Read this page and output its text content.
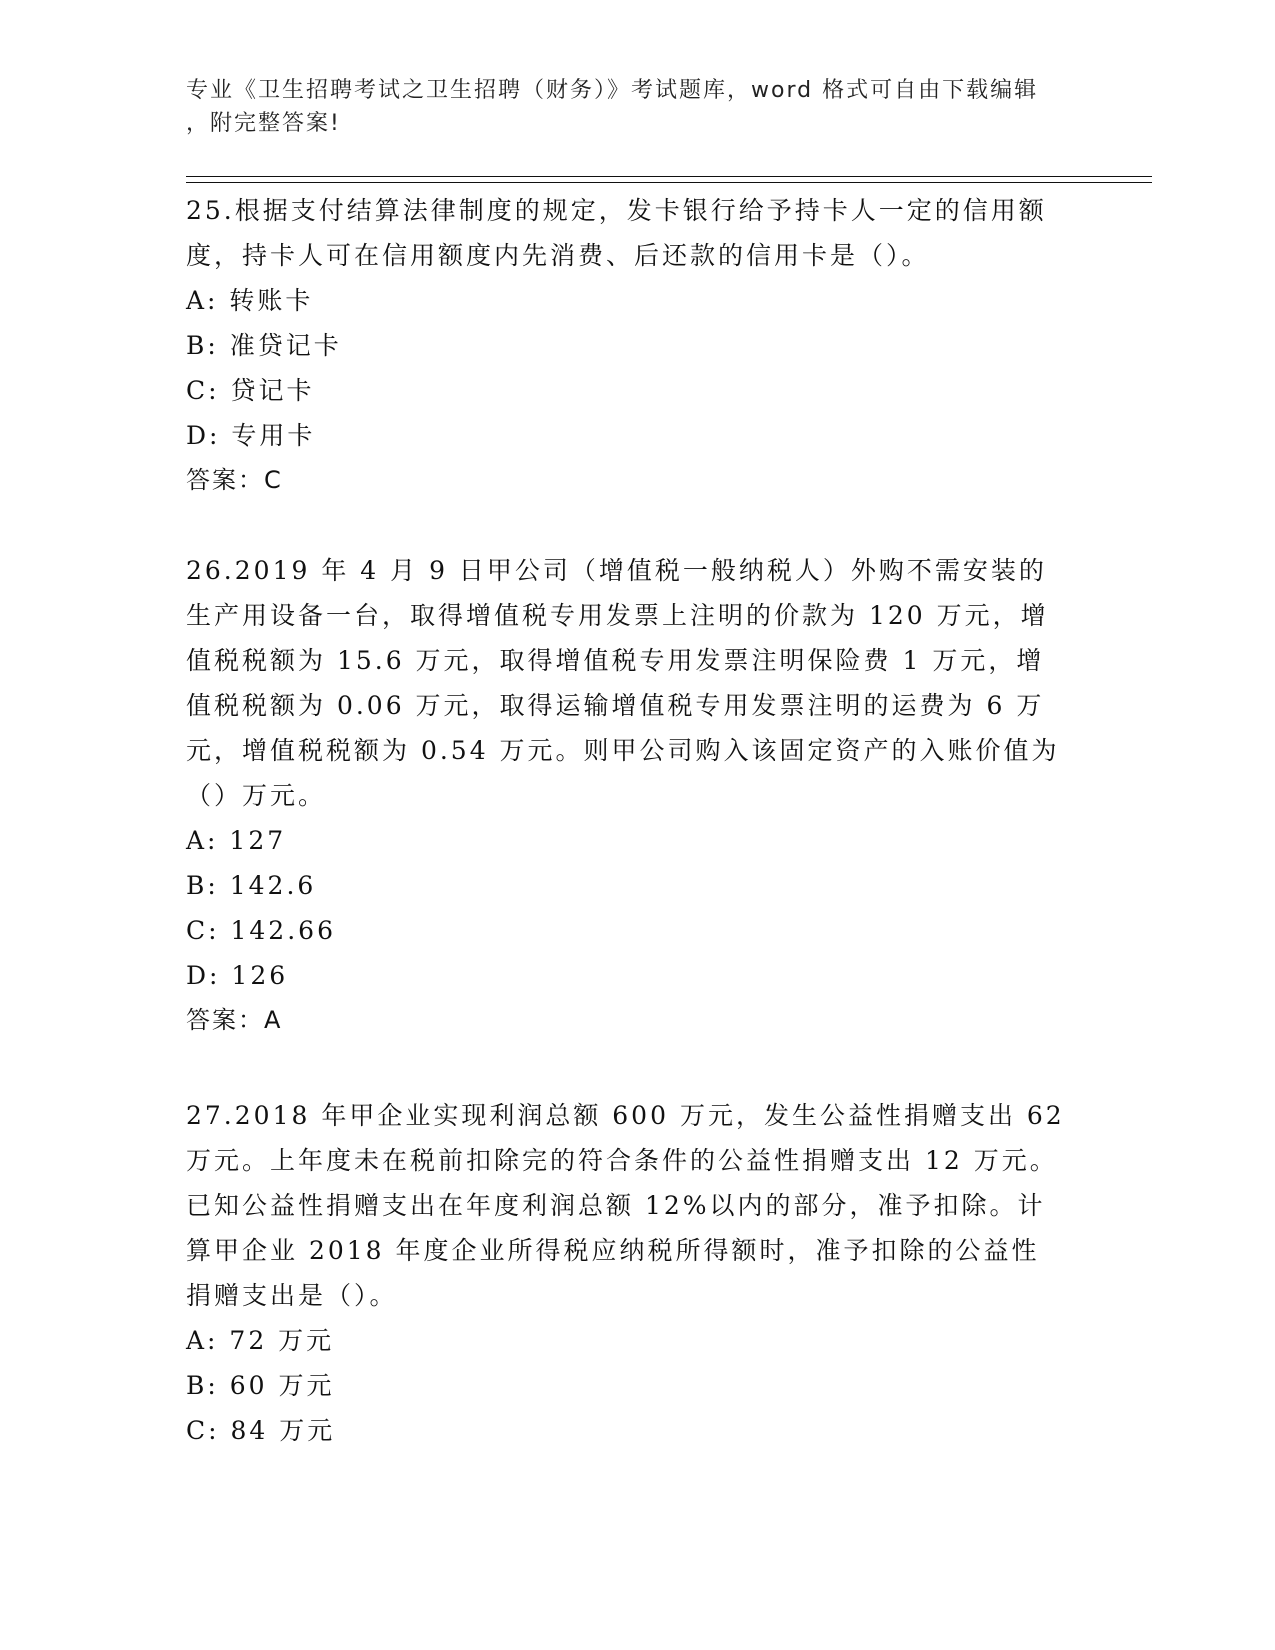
专业《卫生招聘考试之卫生招聘（财务）》考试题库，word 格式可自由下载编辑
，附完整答案!

25.根据支付结算法律制度的规定，发卡银行给予持卡人一定的信用额度，持卡人可在信用额度内先消费、后还款的信用卡是（）。

A: 转账卡
B: 准贷记卡
C: 贷记卡
D: 专用卡
答案：C

26.2019 年 4 月 9 日甲公司（增值税一般纳税人）外购不需安装的生产用设备一台，取得增值税专用发票上注明的价款为 120 万元，增值税税额为 15.6 万元，取得增值税专用发票注明保险费 1 万元，增值税税额为 0.06 万元，取得运输增值税专用发票注明的运费为 6 万元，增值税税额为 0.54 万元。则甲公司购入该固定资产的入账价值为（）万元。

A: 127
B: 142.6
C: 142.66
D: 126
答案：A

27.2018 年甲企业实现利润总额 600 万元，发生公益性捐赠支出 62 万元。上年度未在税前扣除完的符合条件的公益性捐赠支出 12 万元。已知公益性捐赠支出在年度利润总额 12%以内的部分，准予扣除。计算甲企业 2018 年度企业所得税应纳税所得额时，准予扣除的公益性捐赠支出是（）。

A: 72 万元
B: 60 万元
C: 84 万元
